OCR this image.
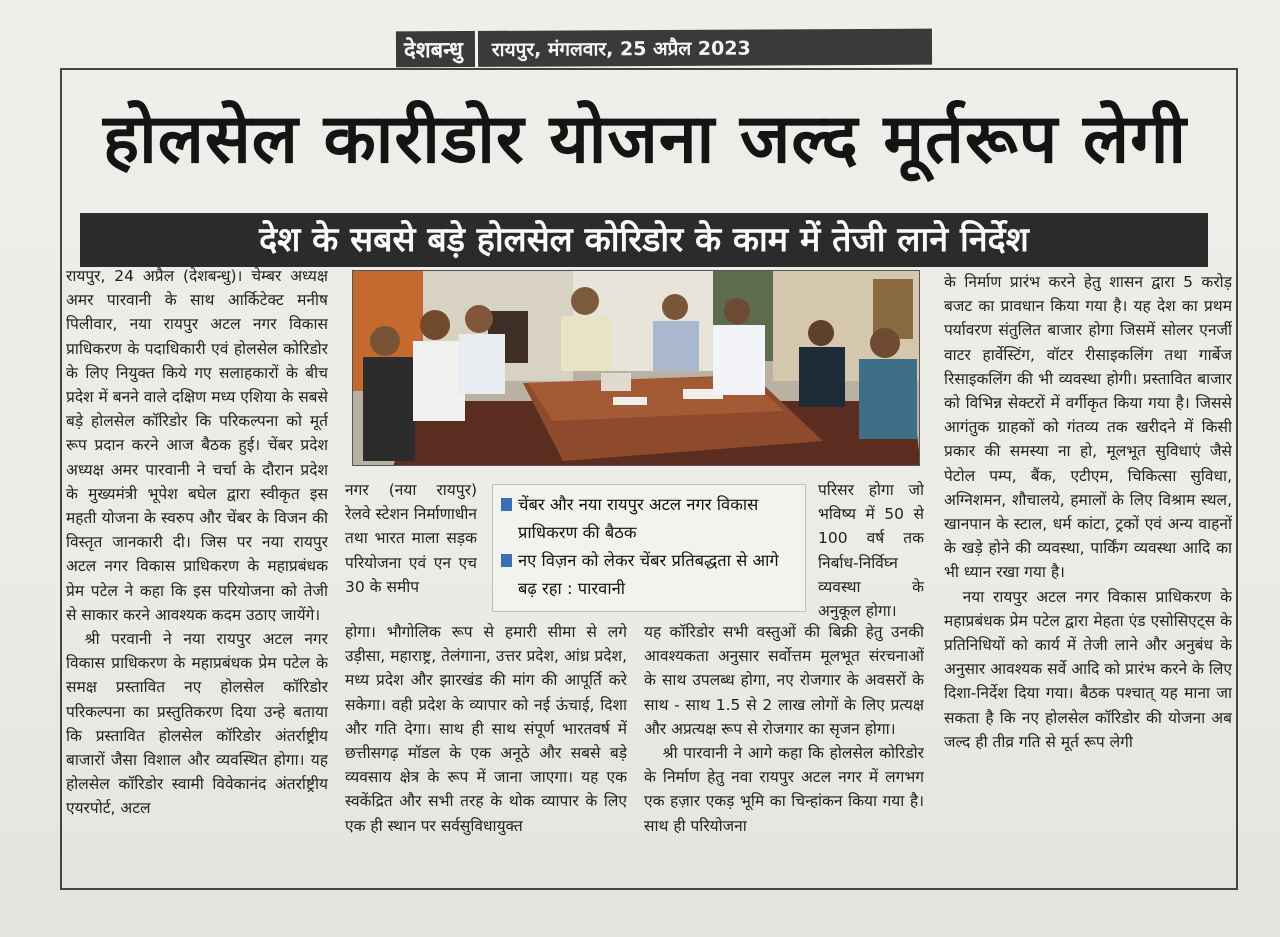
देशबन्धु	रायपुर, मंगलवार, 25 अप्रैल 2023
होलसेल कारीडोर योजना जल्द मूर्तरूप लेगी
देश के सबसे बड़े होलसेल कोरिडोर के काम में तेजी लाने निर्देश

रायपुर, 24 अप्रैल (देशबन्धु)। चेम्बर अध्यक्ष अमर पारवानी के साथ आर्किटेक्ट मनीष पिलीवार, नया रायपुर अटल नगर विकास प्राधिकरण के पदाधिकारी एवं होलसेल कोरिडोर के लिए नियुक्त किये गए सलाहकारों के बीच प्रदेश में बनने वाले दक्षिण मध्य एशिया के सबसे बड़े होलसेल कॉरिडोर कि परिकल्पना को मूर्त रूप प्रदान करने आज बैठक हुई। चेंबर प्रदेश अध्यक्ष अमर पारवानी ने चर्चा के दौरान प्रदेश के मुख्यमंत्री भूपेश बघेल द्वारा स्वीकृत इस महती योजना के स्वरुप और चेंबर के विजन की विस्तृत जानकारी दी। जिस पर नया रायपुर अटल नगर विकास प्राधिकरण के महाप्रबंधक प्रेम पटेल ने कहा कि इस परियोजना को तेजी से साकार करने आवश्यक कदम उठाए जायेंगे।

श्री परवानी ने नया रायपुर अटल नगर विकास प्राधिकरण के महाप्रबंधक प्रेम पटेल के समक्ष प्रस्तावित नए होलसेल कॉरिडोर परिकल्पना का प्रस्तुतिकरण दिया उन्हे बताया कि प्रस्तावित होलसेल कॉरिडोर अंतर्राष्ट्रीय बाजारों जैसा विशाल और व्यवस्थित होगा। यह होलसेल कॉरिडोर स्वामी विवेकानंद अंतर्राष्ट्रीय एयरपोर्ट, अटल

नगर (नया रायपुर) रेलवे स्टेशन निर्माणाधीन तथा भारत माला सड़क परियोजना एवं एन एच 30 के समीप

होगा। भौगोलिक रूप से हमारी सीमा से लगे उड़ीसा, महाराष्ट्र, तेलंगाना, उत्तर प्रदेश, आंध्र प्रदेश, मध्य प्रदेश और झारखंड की मांग की आपूर्ति करे सकेगा। वही प्रदेश के व्यापार को नई ऊंचाई, दिशा और गति देगा। साथ ही साथ संपूर्ण भारतवर्ष में छत्तीसगढ़ मॉडल के एक अनूठे और सबसे बड़े व्यवसाय क्षेत्र के रूप में जाना जाएगा। यह एक स्वकेंद्रित और सभी तरह के थोक व्यापार के लिए एक ही स्थान पर सर्वसुविधायुक्त

चेंबर और नया रायपुर अटल नगर विकास प्राधिकरण की बैठक
नए विज़न को लेकर चेंबर प्रतिबद्धता से आगे बढ़ रहा : पारवानी

परिसर होगा जो भविष्य में 50 से 100 वर्ष तक निर्बाध-निर्विघ्न व्यवस्था के अनुकूल होगा।

यह कॉरिडोर सभी वस्तुओं की बिक्री हेतु उनकी आवश्यकता अनुसार सर्वोत्तम मूलभूत संरचनाओं के साथ उपलब्ध होगा, नए रोजगार के अवसरों के साथ - साथ 1.5 से 2 लाख लोगों के लिए प्रत्यक्ष और अप्रत्यक्ष रूप से रोजगार का सृजन होगा।

श्री पारवानी ने आगे कहा कि होलसेल कोरिडोर के निर्माण हेतु नवा रायपुर अटल नगर में लगभग एक हज़ार एकड़ भूमि का चिन्हांकन किया गया है। साथ ही परियोजना

के निर्माण प्रारंभ करने हेतु शासन द्वारा 5 करोड़ बजट का प्रावधान किया गया है। यह देश का प्रथम पर्यावरण संतुलित बाजार होगा जिसमें सोलर एनर्जी वाटर हार्वेस्टिंग, वॉटर रीसाइकलिंग तथा गार्बेज रिसाइकलिंग की भी व्यवस्था होगी। प्रस्तावित बाजार को विभिन्न सेक्टरों में वर्गीकृत किया गया है। जिससे आगंतुक ग्राहकों को गंतव्य तक खरीदने में किसी प्रकार की समस्या ना हो, मूलभूत सुविधाएं जैसे पेटोल पम्प, बैंक, एटीएम, चिकित्सा सुविधा, अग्निशमन, शौचालये, हमालों के लिए विश्राम स्थल, खानपान के स्टाल, धर्म कांटा, ट्रकों एवं अन्य वाहनों के खड़े होने की व्यवस्था, पार्किंग व्यवस्था आदि का भी ध्यान रखा गया है।

नया रायपुर अटल नगर विकास प्राधिकरण के महाप्रबंधक प्रेम पटेल द्वारा मेहता एंड एसोसिएट्स के प्रतिनिधियों को कार्य में तेजी लाने और अनुबंध के अनुसार आवश्यक सर्वे आदि को प्रारंभ करने के लिए दिशा-निर्देश दिया गया। बैठक पश्चात् यह माना जा सकता है कि नए होलसेल कॉरिडोर की योजना अब जल्द ही तीव्र गति से मूर्त रूप लेगी
